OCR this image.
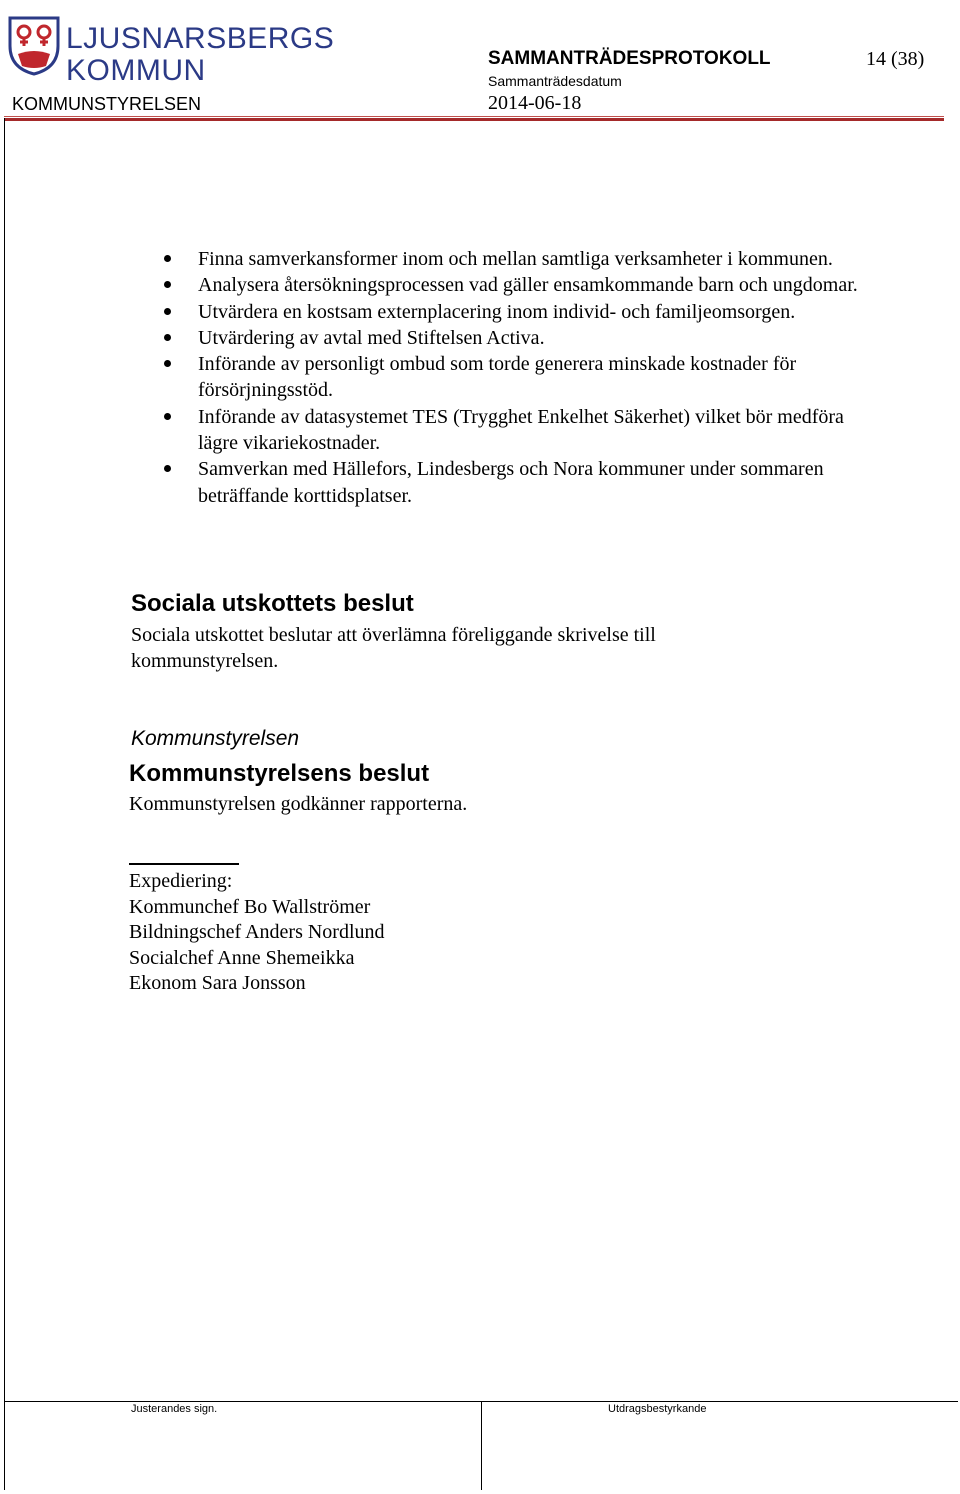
LJUSNARSBERGS
KOMMUN	SAMMANTRÄDESPROTOKOLL	14 (38)
Sammanträdesdatum
2014-06-18
KOMMUNSTYRELSEN
Finna samverkansformer inom och mellan samtliga verksamheter i kommunen.
Analysera återsökningsprocessen vad gäller ensamkommande barn och ungdomar.
Utvärdera en kostsam externplacering inom individ- och familjeomsorgen.
Utvärdering av avtal med Stiftelsen Activa.
Införande av personligt ombud som torde generera minskade kostnader för försörjningsstöd.
Införande av datasystemet TES (Trygghet Enkelhet Säkerhet) vilket bör medföra lägre vikariekostnader.
Samverkan med Hällefors, Lindesbergs och Nora kommuner under sommaren beträffande korttidsplatser.
Sociala utskottets beslut
Sociala utskottet beslutar att överlämna föreliggande skrivelse till
kommunstyrelsen.
Kommunstyrelsen
Kommunstyrelsens beslut
Kommunstyrelsen godkänner rapporterna.
Expediering:
Kommunchef Bo Wallströmer
Bildningschef Anders Nordlund
Socialchef Anne Shemeikka
Ekonom Sara Jonsson
Justerandes sign.	Utdragsbestyrkande
